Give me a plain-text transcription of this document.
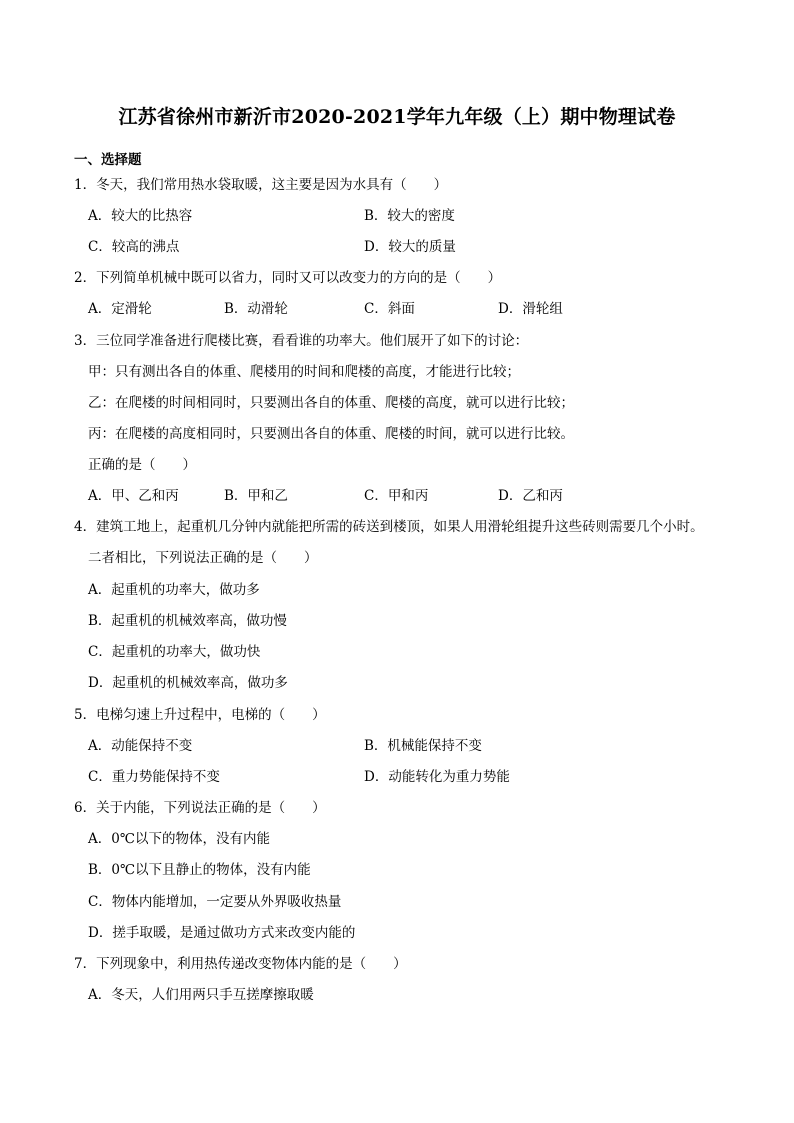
江苏省徐州市新沂市2020-2021学年九年级（上）期中物理试卷
一、选择题
1．冬天，我们常用热水袋取暖，这主要是因为水具有（　　）
A．较大的比热容	B．较大的密度
C．较高的沸点	D．较大的质量
2．下列简单机械中既可以省力，同时又可以改变力的方向的是（　　）
A．定滑轮	B．动滑轮	C．斜面	D．滑轮组
3．三位同学准备进行爬楼比赛，看看谁的功率大。他们展开了如下的讨论：
甲：只有测出各自的体重、爬楼用的时间和爬楼的高度，才能进行比较；
乙：在爬楼的时间相同时，只要测出各自的体重、爬楼的高度，就可以进行比较；
丙：在爬楼的高度相同时，只要测出各自的体重、爬楼的时间，就可以进行比较。
正确的是（　　）
A．甲、乙和丙	B．甲和乙	C．甲和丙	D．乙和丙
4．建筑工地上，起重机几分钟内就能把所需的砖送到楼顶，如果人用滑轮组提升这些砖则需要几个小时。
二者相比，下列说法正确的是（　　）
A．起重机的功率大，做功多
B．起重机的机械效率高，做功慢
C．起重机的功率大，做功快
D．起重机的机械效率高，做功多
5．电梯匀速上升过程中，电梯的（　　）
A．动能保持不变	B．机械能保持不变
C．重力势能保持不变	D．动能转化为重力势能
6．关于内能，下列说法正确的是（　　）
A．0℃以下的物体，没有内能
B．0℃以下且静止的物体，没有内能
C．物体内能增加，一定要从外界吸收热量
D．搓手取暖，是通过做功方式来改变内能的
7．下列现象中，利用热传递改变物体内能的是（　　）
A．冬天，人们用两只手互搓摩擦取暖
